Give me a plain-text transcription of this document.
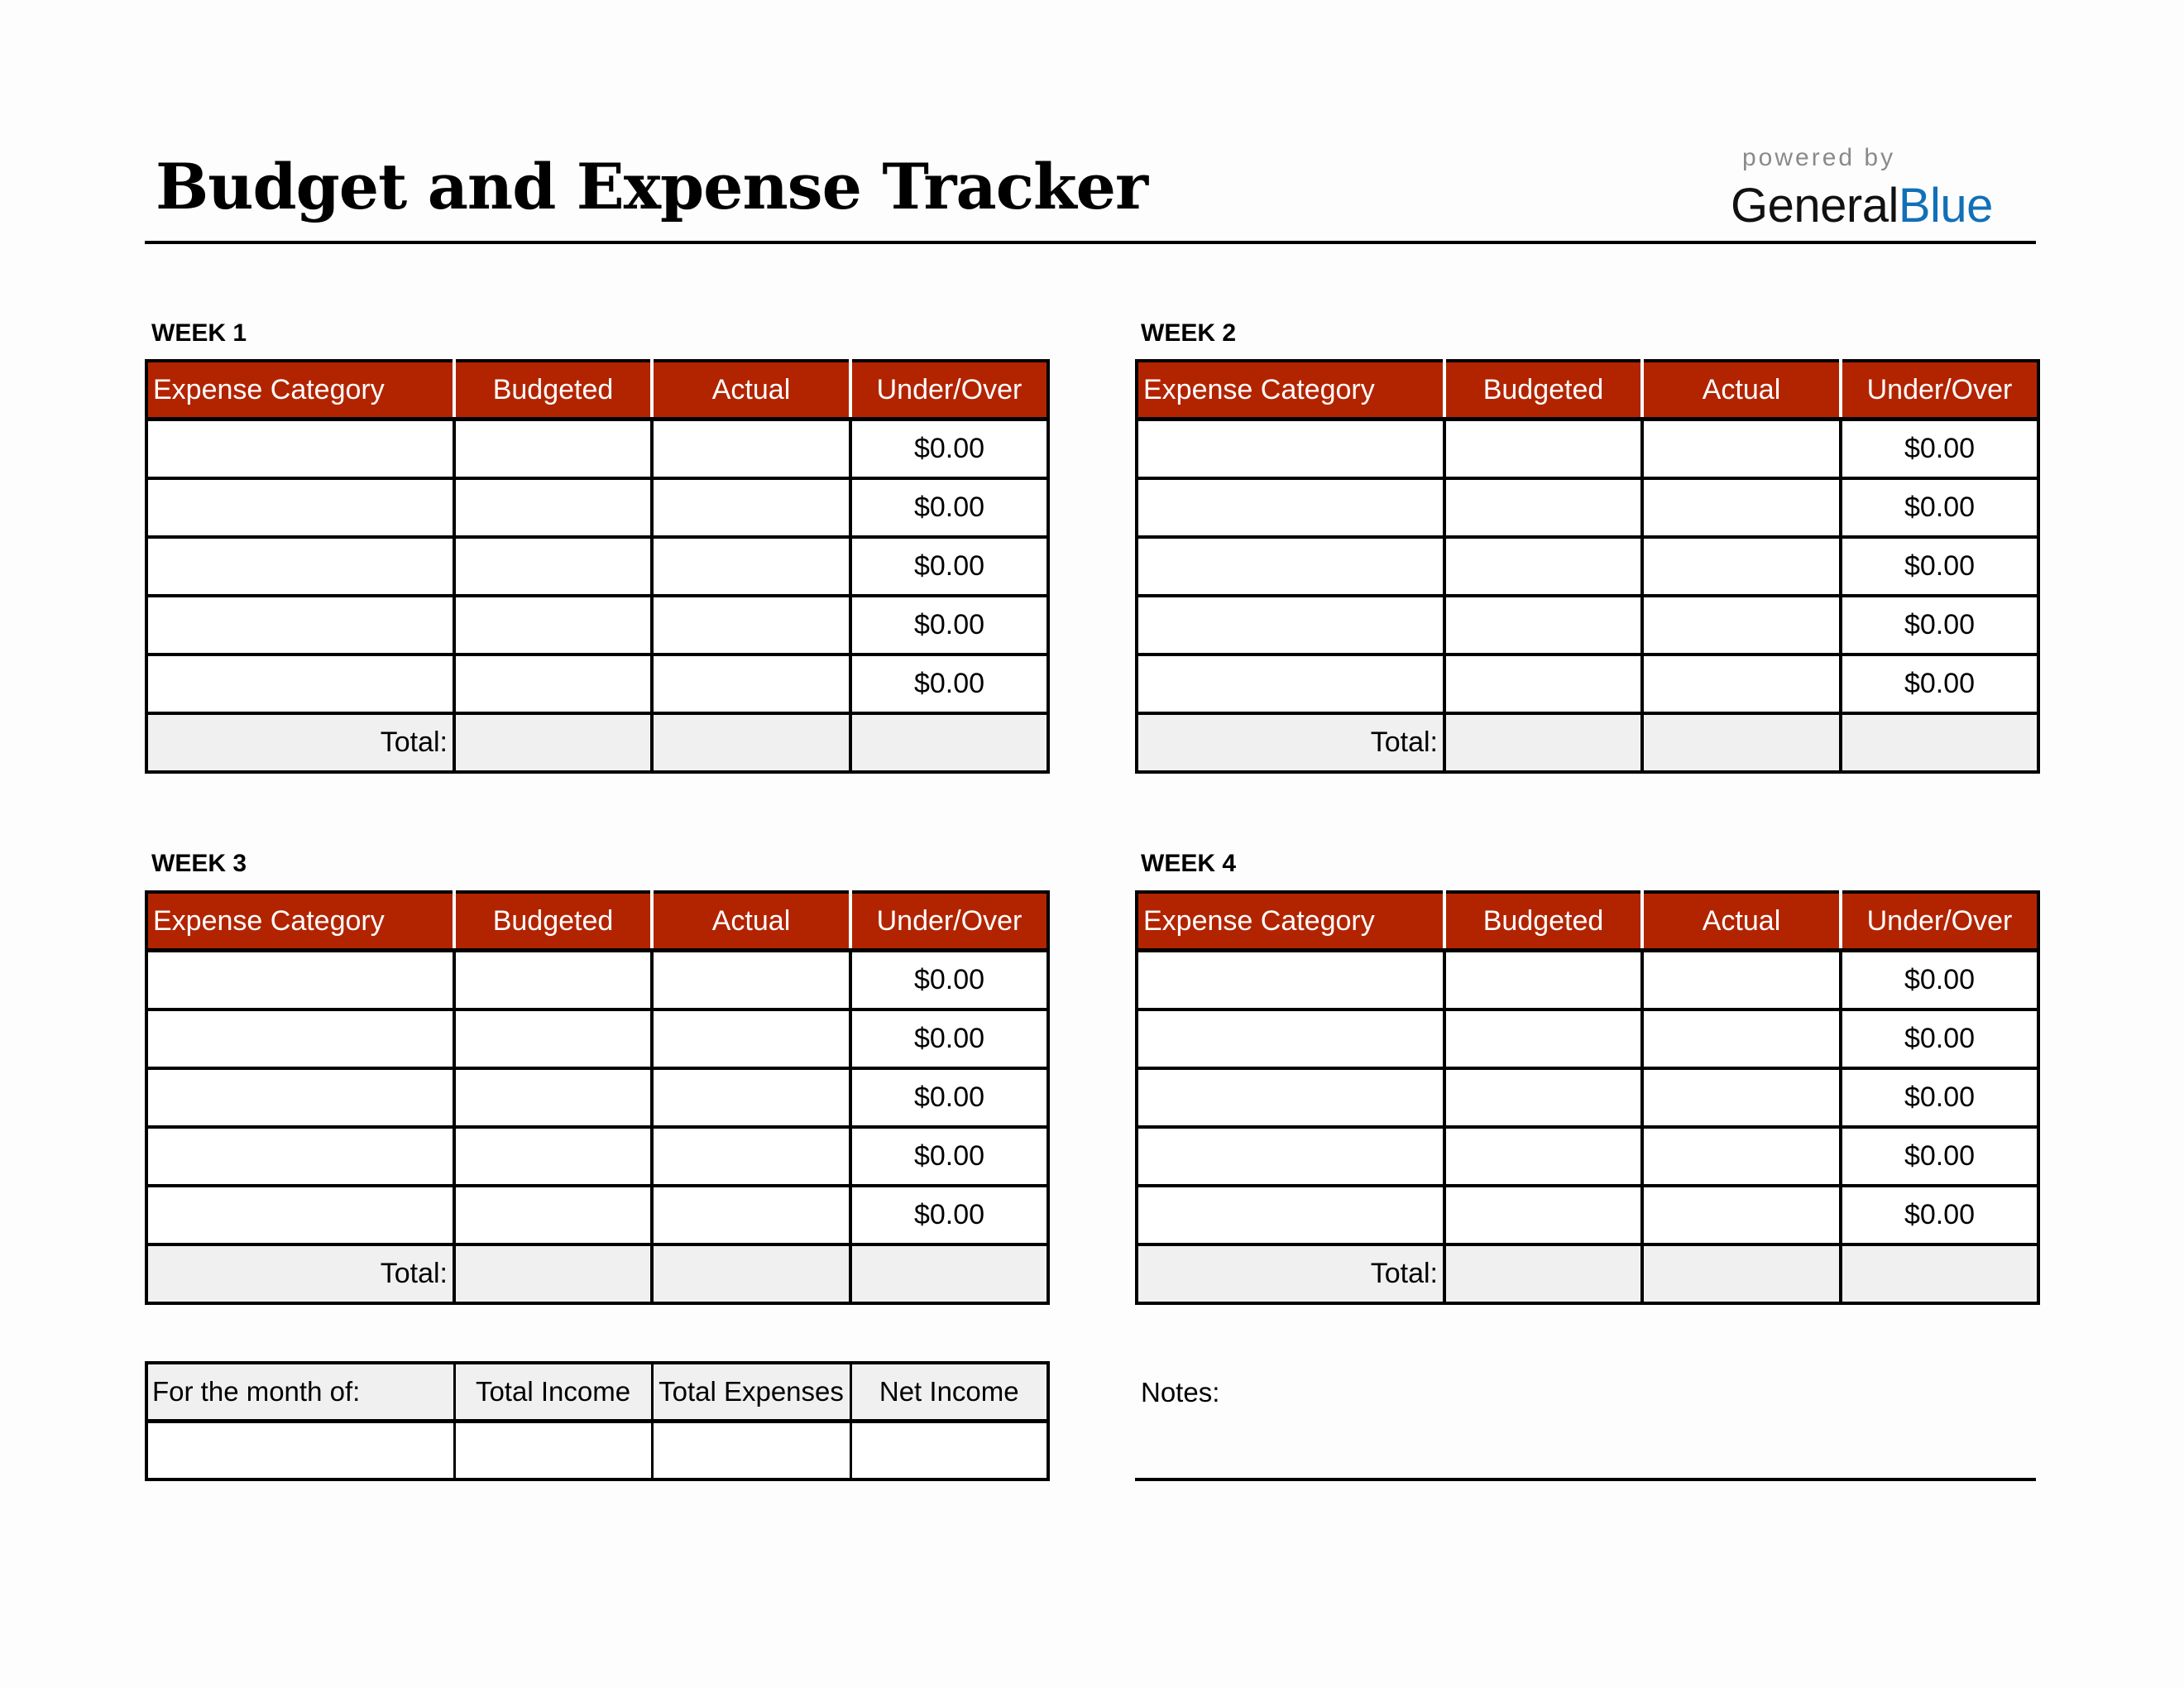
Budget and Expense Tracker	powered by
GeneralBlue
WEEK 1
Expense Category	Budgeted	Actual	Under/Over
			$0.00
			$0.00
			$0.00
			$0.00
			$0.00
Total:			
WEEK 2
Expense Category	Budgeted	Actual	Under/Over
			$0.00
			$0.00
			$0.00
			$0.00
			$0.00
Total:			
WEEK 3
Expense Category	Budgeted	Actual	Under/Over
			$0.00
			$0.00
			$0.00
			$0.00
			$0.00
Total:			
WEEK 4
Expense Category	Budgeted	Actual	Under/Over
			$0.00
			$0.00
			$0.00
			$0.00
			$0.00
Total:			
For the month of:	Total Income	Total Expenses	Net Income
				Notes:
